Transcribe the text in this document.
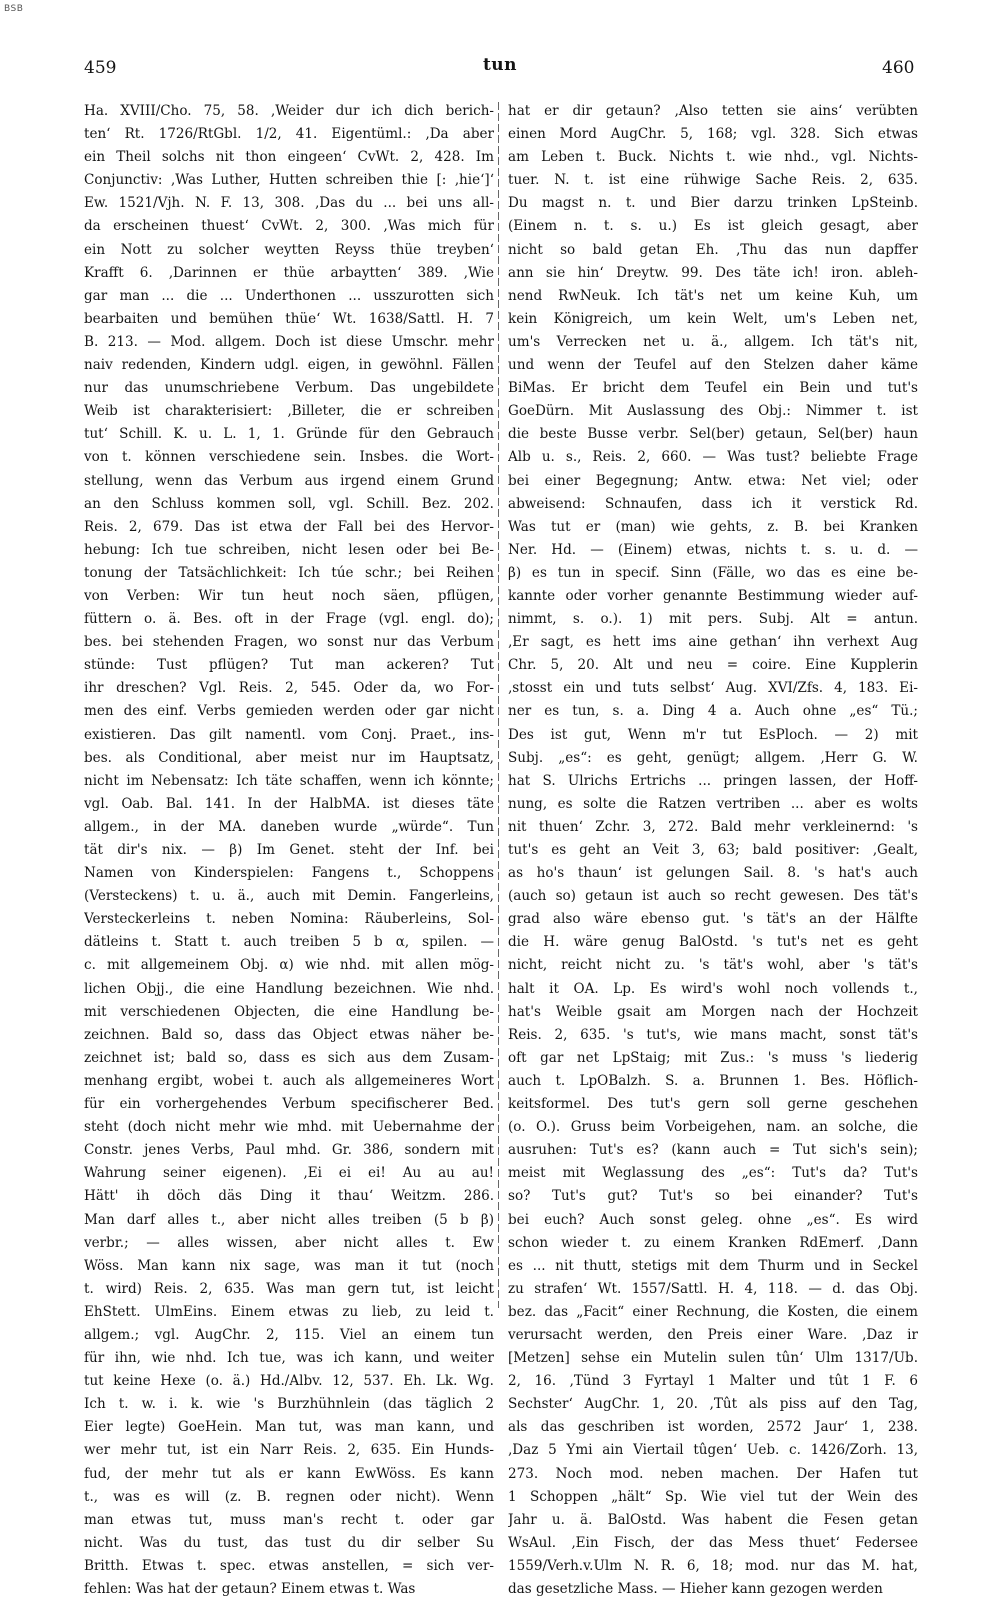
BSB
459	tun	460
Ha. XVIII/Cho. 75, 58. ‚Weider dur ich dich berich-
ten‘ Rt. 1726/RtGbl. 1/2, 41. Eigentüml.: ‚Da aber
ein Theil solchs nit thon eingeen‘ CvWt. 2, 428. Im
Conjunctiv: ‚Was Luther, Hutten schreiben thie [: ‚hie‘]‘
Ew. 1521/Vjh. N. F. 13, 308. ‚Das du ... bei uns all-
da erscheinen thuest‘ CvWt. 2, 300. ‚Was mich für
ein Nott zu solcher weytten Reyss thüe treyben‘
Krafft 6. ‚Darinnen er thüe arbaytten‘ 389. ‚Wie
gar man ... die ... Underthonen ... usszurotten sich
bearbaiten und bemühen thüe‘ Wt. 1638/Sattl. H. 7
B. 213. — Mod. allgem. Doch ist diese Umschr. mehr
naiv redenden, Kindern udgl. eigen, in gewöhnl. Fällen
nur das unumschriebene Verbum. Das ungebildete
Weib ist charakterisiert: ‚Billeter, die er schreiben
tut‘ Schill. K. u. L. 1, 1. Gründe für den Gebrauch
von t. können verschiedene sein. Insbes. die Wort-
stellung, wenn das Verbum aus irgend einem Grund
an den Schluss kommen soll, vgl. Schill. Bez. 202.
Reis. 2, 679. Das ist etwa der Fall bei des Hervor-
hebung: Ich tue schreiben, nicht lesen oder bei Be-
tonung der Tatsächlichkeit: Ich túe schr.; bei Reihen
von Verben: Wir tun heut noch säen, pflügen,
füttern o. ä. Bes. oft in der Frage (vgl. engl. do);
bes. bei stehenden Fragen, wo sonst nur das Verbum
stünde: Tust pflügen? Tut man ackeren? Tut
ihr dreschen? Vgl. Reis. 2, 545. Oder da, wo For-
men des einf. Verbs gemieden werden oder gar nicht
existieren. Das gilt namentl. vom Conj. Praet., ins-
bes. als Conditional, aber meist nur im Hauptsatz,
nicht im Nebensatz: Ich täte schaffen, wenn ich könnte;
vgl. Oab. Bal. 141. In der HalbMA. ist dieses täte
allgem., in der MA. daneben wurde „würde“. Tun
tät dir's nix. — β) Im Genet. steht der Inf. bei
Namen von Kinderspielen: Fangens t., Schoppens
(Versteckens) t. u. ä., auch mit Demin. Fangerleins,
Versteckerleins t. neben Nomina: Räuberleins, Sol-
dätleins t. Statt t. auch treiben 5 b α, spilen. —
c. mit allgemeinem Obj. α) wie nhd. mit allen mög-
lichen Objj., die eine Handlung bezeichnen. Wie nhd.
mit verschiedenen Objecten, die eine Handlung be-
zeichnen. Bald so, dass das Object etwas näher be-
zeichnet ist; bald so, dass es sich aus dem Zusam-
menhang ergibt, wobei t. auch als allgemeineres Wort
für ein vorhergehendes Verbum specifischerer Bed.
steht (doch nicht mehr wie mhd. mit Uebernahme der
Constr. jenes Verbs, Paul mhd. Gr. 386, sondern mit
Wahrung seiner eigenen). ‚Ei ei ei! Au au au!
Hätt' ih döch däs Ding it thau‘ Weitzm. 286.
Man darf alles t., aber nicht alles treiben (5 b β)
verbr.; — alles wissen, aber nicht alles t. Ew
Wöss. Man kann nix sage, was man it tut (noch
t. wird) Reis. 2, 635. Was man gern tut, ist leicht
EhStett. UlmEins. Einem etwas zu lieb, zu leid t.
allgem.; vgl. AugChr. 2, 115. Viel an einem tun
für ihn, wie nhd. Ich tue, was ich kann, und weiter
tut keine Hexe (o. ä.) Hd./Albv. 12, 537. Eh. Lk. Wg.
Ich t. w. i. k. wie 's Burzhühnlein (das täglich 2
Eier legte) GoeHein. Man tut, was man kann, und
wer mehr tut, ist ein Narr Reis. 2, 635. Ein Hunds-
fud, der mehr tut als er kann EwWöss. Es kann
t., was es will (z. B. regnen oder nicht). Wenn
man etwas tut, muss man's recht t. oder gar
nicht. Was du tust, das tust du dir selber Su
Britth. Etwas t. spec. etwas anstellen, = sich ver-
fehlen: Was hat der getaun? Einem etwas t. Was
hat er dir getaun? ‚Also tetten sie ains‘ verübten
einen Mord AugChr. 5, 168; vgl. 328. Sich etwas
am Leben t. Buck. Nichts t. wie nhd., vgl. Nichts-
tuer. N. t. ist eine rühwige Sache Reis. 2, 635.
Du magst n. t. und Bier darzu trinken LpSteinb.
(Einem n. t. s. u.) Es ist gleich gesagt, aber
nicht so bald getan Eh. ‚Thu das nun dapffer
ann sie hin‘ Dreytw. 99. Des täte ich! iron. ableh-
nend RwNeuk. Ich tät's net um keine Kuh, um
kein Königreich, um kein Welt, um's Leben net,
um's Verrecken net u. ä., allgem. Ich tät's nit,
und wenn der Teufel auf den Stelzen daher käme
BiMas. Er bricht dem Teufel ein Bein und tut's
GoeDürn. Mit Auslassung des Obj.: Nimmer t. ist
die beste Busse verbr. Sel(ber) getaun, Sel(ber) haun
Alb u. s., Reis. 2, 660. — Was tust? beliebte Frage
bei einer Begegnung; Antw. etwa: Net viel; oder
abweisend: Schnaufen, dass ich it verstick Rd.
Was tut er (man) wie gehts, z. B. bei Kranken
Ner. Hd. — (Einem) etwas, nichts t. s. u. d. —
β) es tun in specif. Sinn (Fälle, wo das es eine be-
kannte oder vorher genannte Bestimmung wieder auf-
nimmt, s. o.). 1) mit pers. Subj. Alt = antun.
‚Er sagt, es hett ims aine gethan‘ ihn verhext Aug
Chr. 5, 20. Alt und neu = coire. Eine Kupplerin
‚stosst ein und tuts selbst‘ Aug. XVI/Zfs. 4, 183. Ei-
ner es tun, s. a. Ding 4 a. Auch ohne „es“ Tü.;
Des ist gut, Wenn m'r tut EsPloch. — 2) mit
Subj. „es“: es geht, genügt; allgem. ‚Herr G. W.
hat S. Ulrichs Ertrichs ... pringen lassen, der Hoff-
nung, es solte die Ratzen vertriben ... aber es wolts
nit thuen‘ Zchr. 3, 272. Bald mehr verkleinernd: 's
tut's es geht an Veit 3, 63; bald positiver: ‚Gealt,
as ho's thaun‘ ist gelungen Sail. 8. 's hat's auch
(auch so) getaun ist auch so recht gewesen. Des tät's
grad also wäre ebenso gut. 's tät's an der Hälfte
die H. wäre genug BalOstd. 's tut's net es geht
nicht, reicht nicht zu. 's tät's wohl, aber 's tät's
halt it OA. Lp. Es wird's wohl noch vollends t.,
hat's Weible gsait am Morgen nach der Hochzeit
Reis. 2, 635. 's tut's, wie mans macht, sonst tät's
oft gar net LpStaig; mit Zus.: 's muss 's liederig
auch t. LpOBalzh. S. a. Brunnen 1. Bes. Höflich-
keitsformel. Des tut's gern soll gerne geschehen
(o. O.). Gruss beim Vorbeigehen, nam. an solche, die
ausruhen: Tut's es? (kann auch = Tut sich's sein);
meist mit Weglassung des „es“: Tut's da? Tut's
so? Tut's gut? Tut's so bei einander? Tut's
bei euch? Auch sonst geleg. ohne „es“. Es wird
schon wieder t. zu einem Kranken RdEmerf. ‚Dann
es ... nit thutt, stetigs mit dem Thurm und in Seckel
zu strafen‘ Wt. 1557/Sattl. H. 4, 118. — d. das Obj.
bez. das „Facit“ einer Rechnung, die Kosten, die einem
verursacht werden, den Preis einer Ware. ‚Daz ir
[Metzen] sehse ein Mutelin sulen tûn‘ Ulm 1317/Ub.
2, 16. ‚Tünd 3 Fyrtayl 1 Malter und tût 1 F. 6
Sechster‘ AugChr. 1, 20. ‚Tût als piss auf den Tag,
als das geschriben ist worden, 2572 Jaur‘ 1, 238.
‚Daz 5 Ymi ain Viertail tûgen‘ Ueb. c. 1426/Zorh. 13,
273. Noch mod. neben machen. Der Hafen tut
1 Schoppen „hält“ Sp. Wie viel tut der Wein des
Jahr u. ä. BalOstd. Was habent die Fesen getan
WsAul. ‚Ein Fisch, der das Mess thuet‘ Federsee
1559/Verh.v.Ulm N. R. 6, 18; mod. nur das M. hat,
das gesetzliche Mass. — Hieher kann gezogen werden
